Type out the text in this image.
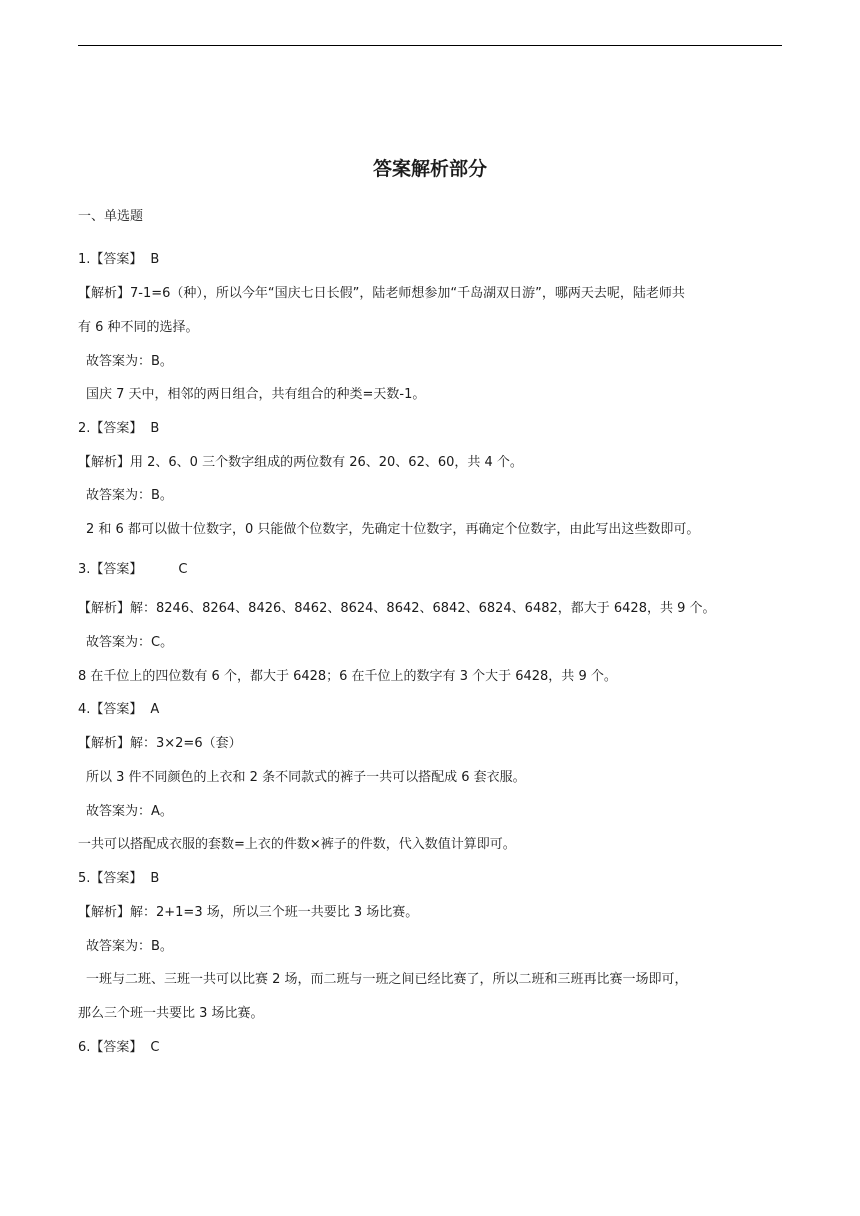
答案解析部分
一、单选题
1.【答案】 B
【解析】7-1=6（种），所以今年“国庆七日长假”，陆老师想参加“千岛湖双日游”，哪两天去呢，陆老师共
有 6 种不同的选择。
故答案为：B。
国庆 7 天中，相邻的两日组合，共有组合的种类=天数-1。
2.【答案】 B
【解析】用 2、6、0 三个数字组成的两位数有 26、20、62、60，共 4 个。
故答案为：B。
2 和 6 都可以做十位数字，0 只能做个位数字，先确定十位数字，再确定个位数字，由此写出这些数即可。
3.【答案】	C
【解析】解：8246、8264、8426、8462、8624、8642、6842、6824、6482，都大于 6428，共 9 个。
故答案为：C。
8 在千位上的四位数有 6 个，都大于 6428；6 在千位上的数字有 3 个大于 6428，共 9 个。
4.【答案】 A
【解析】解：3×2=6（套）
所以 3 件不同颜色的上衣和 2 条不同款式的裤子一共可以搭配成 6 套衣服。
故答案为：A。
一共可以搭配成衣服的套数=上衣的件数×裤子的件数，代入数值计算即可。
5.【答案】 B
【解析】解：2+1=3 场，所以三个班一共要比 3 场比赛。
故答案为：B。
一班与二班、三班一共可以比赛 2 场，而二班与一班之间已经比赛了，所以二班和三班再比赛一场即可，
那么三个班一共要比 3 场比赛。
6.【答案】 C
